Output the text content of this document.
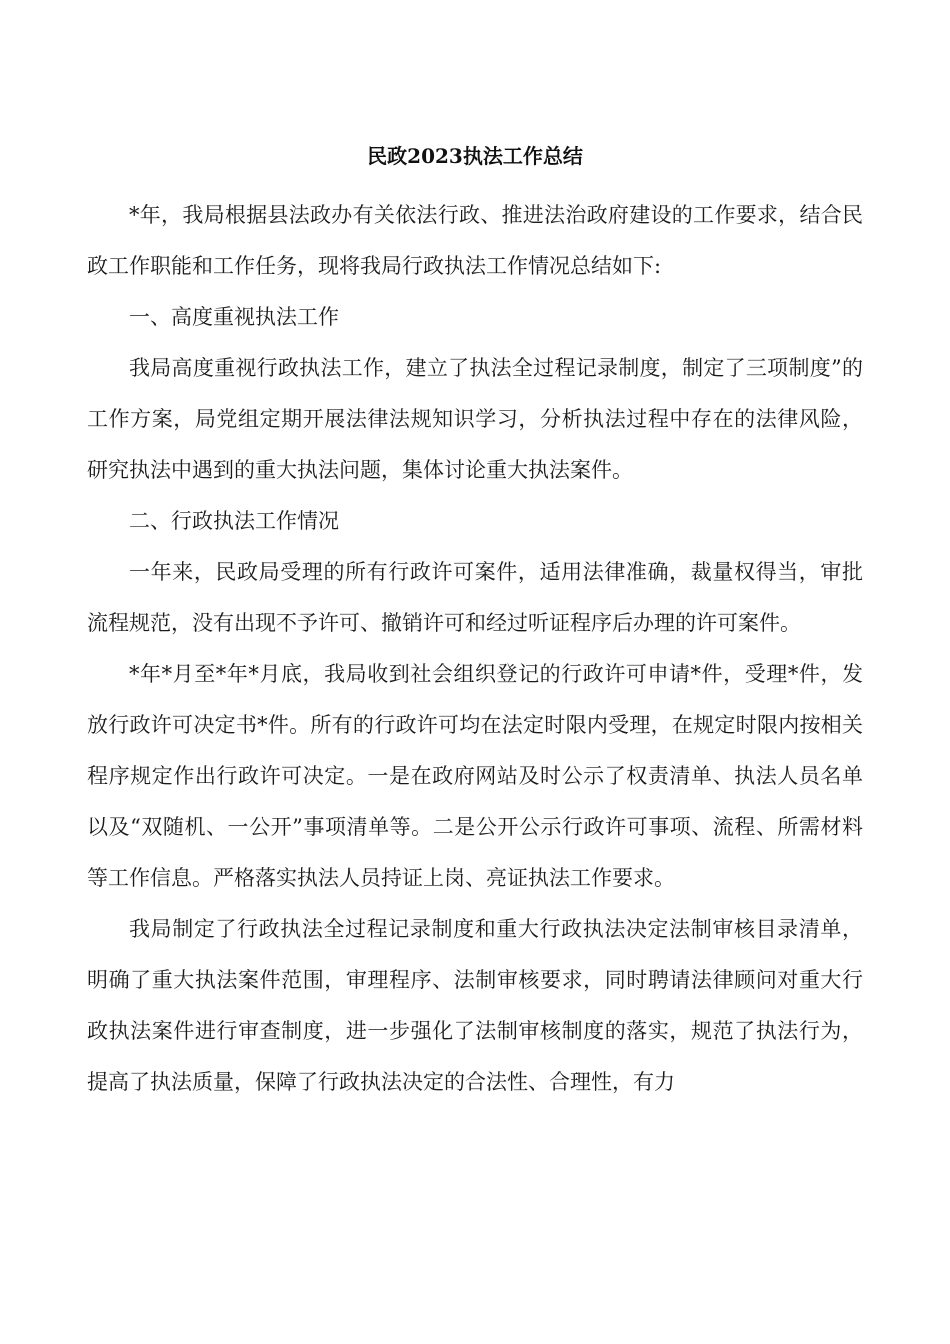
民政2023执法工作总结

*年，我局根据县法政办有关依法行政、推进法治政府建设的工作要求，结合民政工作职能和工作任务，现将我局行政执法工作情况总结如下:

一、高度重视执法工作

我局高度重视行政执法工作，建立了执法全过程记录制度，制定了三项制度”的工作方案，局党组定期开展法律法规知识学习，分析执法过程中存在的法律风险，研究执法中遇到的重大执法问题，集体讨论重大执法案件。

二、行政执法工作情况

一年来，民政局受理的所有行政许可案件，适用法律准确，裁量权得当，审批流程规范，没有出现不予许可、撤销许可和经过听证程序后办理的许可案件。

*年*月至*年*月底，我局收到社会组织登记的行政许可申请*件，受理*件，发放行政许可决定书*件。所有的行政许可均在法定时限内受理，在规定时限内按相关程序规定作出行政许可决定。一是在政府网站及时公示了权责清单、执法人员名单以及“双随机、一公开”事项清单等。二是公开公示行政许可事项、流程、所需材料等工作信息。严格落实执法人员持证上岗、亮证执法工作要求。

我局制定了行政执法全过程记录制度和重大行政执法决定法制审核目录清单，明确了重大执法案件范围，审理程序、法制审核要求，同时聘请法律顾问对重大行政执法案件进行审查制度，进一步强化了法制审核制度的落实，规范了执法行为，提高了执法质量，保障了行政执法决定的合法性、合理性，有力
